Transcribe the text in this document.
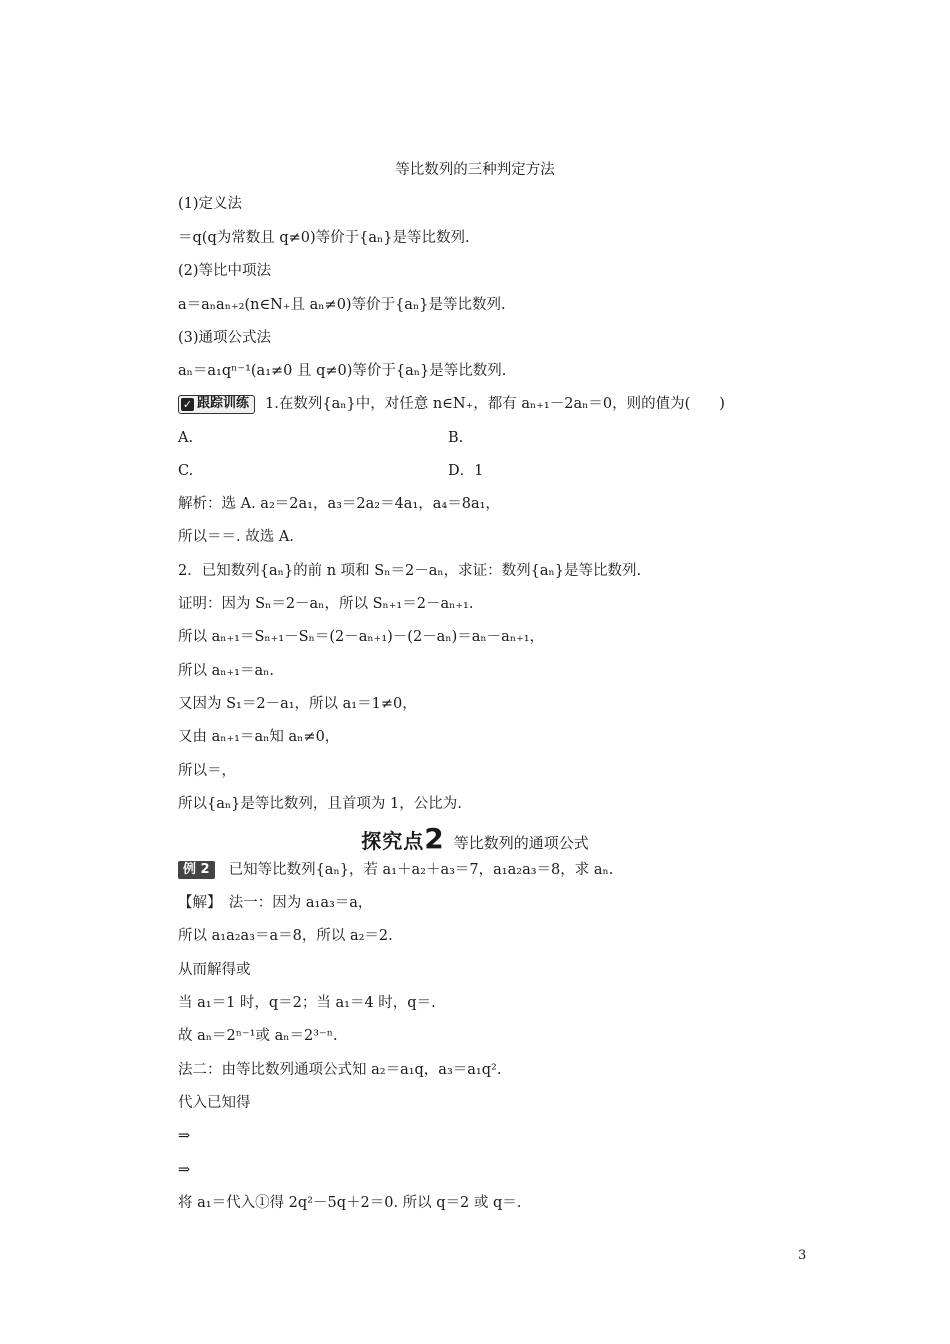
等比数列的三种判定方法
(1)定义法
＝q(q为常数且 q≠0)等价于{aₙ}是等比数列.
(2)等比中项法
a＝aₙaₙ₊₂(n∈N₊且 aₙ≠0)等价于{aₙ}是等比数列.
(3)通项公式法
aₙ＝a₁qⁿ⁻¹(a₁≠0 且 q≠0)等价于{aₙ}是等比数列.
✓ 跟踪训练 1.在数列{aₙ}中，对任意 n∈N₊，都有 aₙ₊₁－2aₙ＝0，则的值为(　　)
A.	B.
C.	D．1
解析：选 A. a₂＝2a₁，a₃＝2a₂＝4a₁，a₄＝8a₁，
所以＝＝. 故选 A.
2．已知数列{aₙ}的前 n 项和 Sₙ＝2－aₙ，求证：数列{aₙ}是等比数列.
证明：因为 Sₙ＝2－aₙ，所以 Sₙ₊₁＝2－aₙ₊₁.
所以 aₙ₊₁＝Sₙ₊₁－Sₙ＝(2－aₙ₊₁)－(2－aₙ)＝aₙ－aₙ₊₁，
所以 aₙ₊₁＝aₙ.
又因为 S₁＝2－a₁，所以 a₁＝1≠0，
又由 aₙ₊₁＝aₙ知 aₙ≠0，
所以＝，
所以{aₙ}是等比数列，且首项为 1，公比为.
探究点2 等比数列的通项公式
例 2 已知等比数列{aₙ}，若 a₁＋a₂＋a₃＝7，a₁a₂a₃＝8，求 aₙ.
【解】　法一：因为 a₁a₃＝a，
所以 a₁a₂a₃＝a＝8，所以 a₂＝2.
从而解得或
当 a₁＝1 时，q＝2；当 a₁＝4 时，q＝.
故 aₙ＝2ⁿ⁻¹或 aₙ＝2³⁻ⁿ.
法二：由等比数列通项公式知 a₂＝a₁q，a₃＝a₁q².
代入已知得
⇒
⇒
将 a₁＝代入①得 2q²－5q＋2＝0. 所以 q＝2 或 q＝.
3
